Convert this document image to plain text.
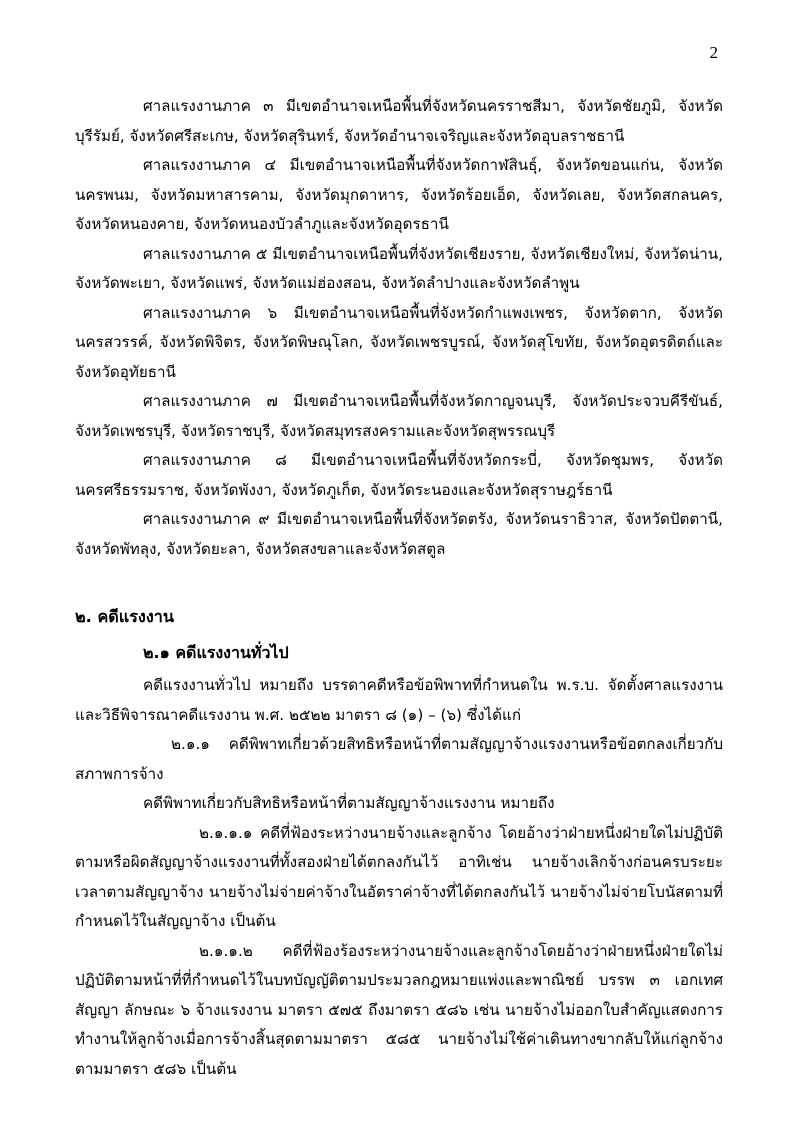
2

ศาลแรงงานภาค ๓ มีเขตอำนาจเหนือพื้นที่จังหวัดนครราชสีมา, จังหวัดชัยภูมิ, จังหวัดบุรีรัมย์, จังหวัดศรีสะเกษ, จังหวัดสุรินทร์, จังหวัดอำนาจเจริญและจังหวัดอุบลราชธานี

ศาลแรงงานภาค ๔ มีเขตอำนาจเหนือพื้นที่จังหวัดกาฬสินธุ์, จังหวัดขอนแก่น, จังหวัดนครพนม, จังหวัดมหาสารคาม, จังหวัดมุกดาหาร, จังหวัดร้อยเอ็ด, จังหวัดเลย, จังหวัดสกลนคร, จังหวัดหนองคาย, จังหวัดหนองบัวลำภูและจังหวัดอุดรธานี

ศาลแรงงานภาค ๕ มีเขตอำนาจเหนือพื้นที่จังหวัดเชียงราย, จังหวัดเชียงใหม่, จังหวัดน่าน, จังหวัดพะเยา, จังหวัดแพร่, จังหวัดแม่ฮ่องสอน, จังหวัดลำปางและจังหวัดลำพูน

ศาลแรงงานภาค ๖ มีเขตอำนาจเหนือพื้นที่จังหวัดกำแพงเพชร, จังหวัดตาก, จังหวัดนครสวรรค์, จังหวัดพิจิตร, จังหวัดพิษณุโลก, จังหวัดเพชรบูรณ์, จังหวัดสุโขทัย, จังหวัดอุตรดิตถ์และจังหวัดอุทัยธานี

ศาลแรงงานภาค ๗ มีเขตอำนาจเหนือพื้นที่จังหวัดกาญจนบุรี, จังหวัดประจวบคีรีขันธ์, จังหวัดเพชรบุรี, จังหวัดราชบุรี, จังหวัดสมุทรสงครามและจังหวัดสุพรรณบุรี

ศาลแรงงานภาค ๘ มีเขตอำนาจเหนือพื้นที่จังหวัดกระบี่, จังหวัดชุมพร, จังหวัดนครศรีธรรมราช, จังหวัดพังงา, จังหวัดภูเก็ต, จังหวัดระนองและจังหวัดสุราษฎร์ธานี

ศาลแรงงานภาค ๙ มีเขตอำนาจเหนือพื้นที่จังหวัดตรัง, จังหวัดนราธิวาส, จังหวัดปัตตานี, จังหวัดพัทลุง, จังหวัดยะลา, จังหวัดสงขลาและจังหวัดสตูล

๒. คดีแรงงาน
๒.๑ คดีแรงงานทั่วไป

คดีแรงงานทั่วไป หมายถึง บรรดาคดีหรือข้อพิพาทที่กำหนดใน พ.ร.บ. จัดตั้งศาลแรงงานและวิธีพิจารณาคดีแรงงาน พ.ศ. ๒๕๒๒ มาตรา ๘ (๑) – (๖) ซึ่งได้แก่

๒.๑.๑ คดีพิพาทเกี่ยวด้วยสิทธิหรือหน้าที่ตามสัญญาจ้างแรงงานหรือข้อตกลงเกี่ยวกับสภาพการจ้าง

คดีพิพาทเกี่ยวกับสิทธิหรือหน้าที่ตามสัญญาจ้างแรงงาน หมายถึง

๒.๑.๑.๑ คดีที่ฟ้องระหว่างนายจ้างและลูกจ้าง โดยอ้างว่าฝ่ายหนึ่งฝ่ายใดไม่ปฏิบัติตามหรือผิดสัญญาจ้างแรงงานที่ทั้งสองฝ่ายได้ตกลงกันไว้ อาทิเช่น นายจ้างเลิกจ้างก่อนครบระยะเวลาตามสัญญาจ้าง นายจ้างไม่จ่ายค่าจ้างในอัตราค่าจ้างที่ได้ตกลงกันไว้ นายจ้างไม่จ่ายโบนัสตามที่กำหนดไว้ในสัญญาจ้าง เป็นต้น

๒.๑.๑.๒ คดีที่ฟ้องร้องระหว่างนายจ้างและลูกจ้างโดยอ้างว่าฝ่ายหนึ่งฝ่ายใดไม่ปฏิบัติตามหน้าที่ที่กำหนดไว้ในบทบัญญัติตามประมวลกฎหมายแพ่งและพาณิชย์ บรรพ ๓ เอกเทศสัญญา ลักษณะ ๖ จ้างแรงงาน มาตรา ๕๗๕ ถึงมาตรา ๕๘๖ เช่น นายจ้างไม่ออกใบสำคัญแสดงการทำงานให้ลูกจ้างเมื่อการจ้างสิ้นสุดตามมาตรา ๕๘๕ นายจ้างไม่ใช้ค่าเดินทางขากลับให้แก่ลูกจ้างตามมาตรา ๕๘๖ เป็นต้น
